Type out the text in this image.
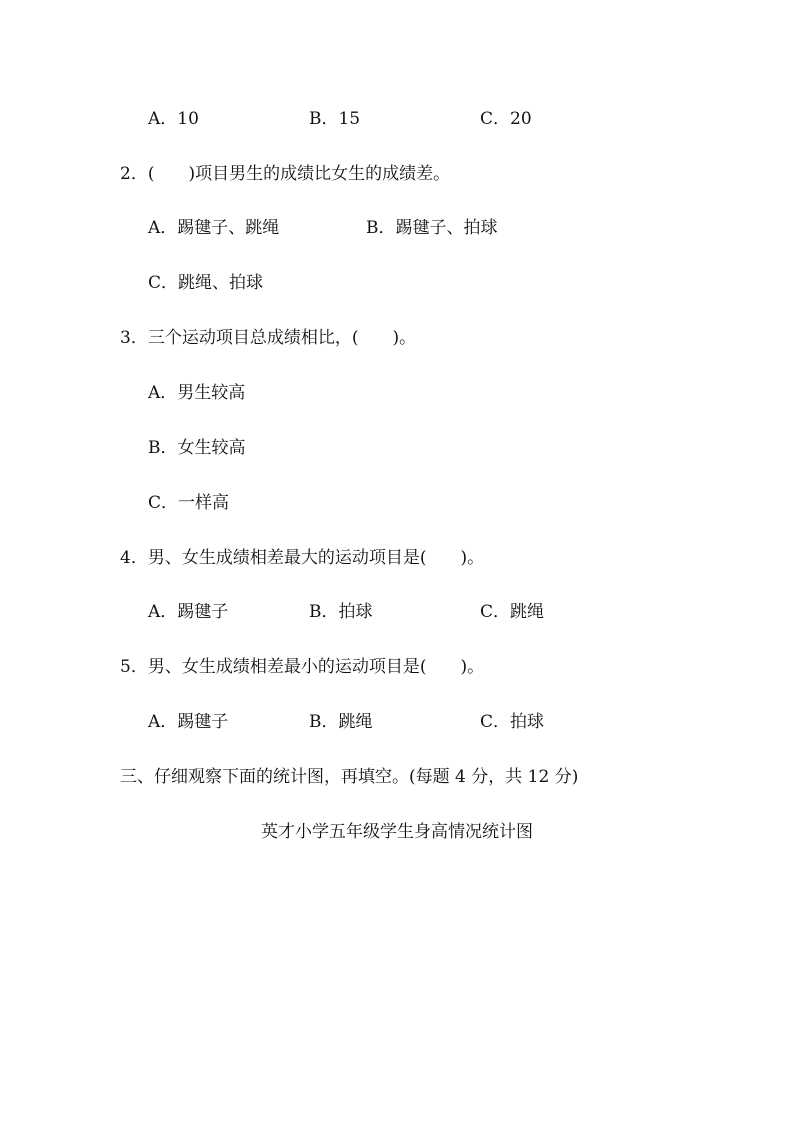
A．10	B．15	C．20
2．(　　)项目男生的成绩比女生的成绩差。
A．踢毽子、跳绳	B．踢毽子、拍球
C．跳绳、拍球
3．三个运动项目总成绩相比，(　　)。
A．男生较高
B．女生较高
C．一样高
4．男、女生成绩相差最大的运动项目是(　　)。
A．踢毽子	B．拍球	C．跳绳
5．男、女生成绩相差最小的运动项目是(　　)。
A．踢毽子	B．跳绳	C．拍球
三、仔细观察下面的统计图，再填空。(每题 4 分，共 12 分)
英才小学五年级学生身高情况统计图
